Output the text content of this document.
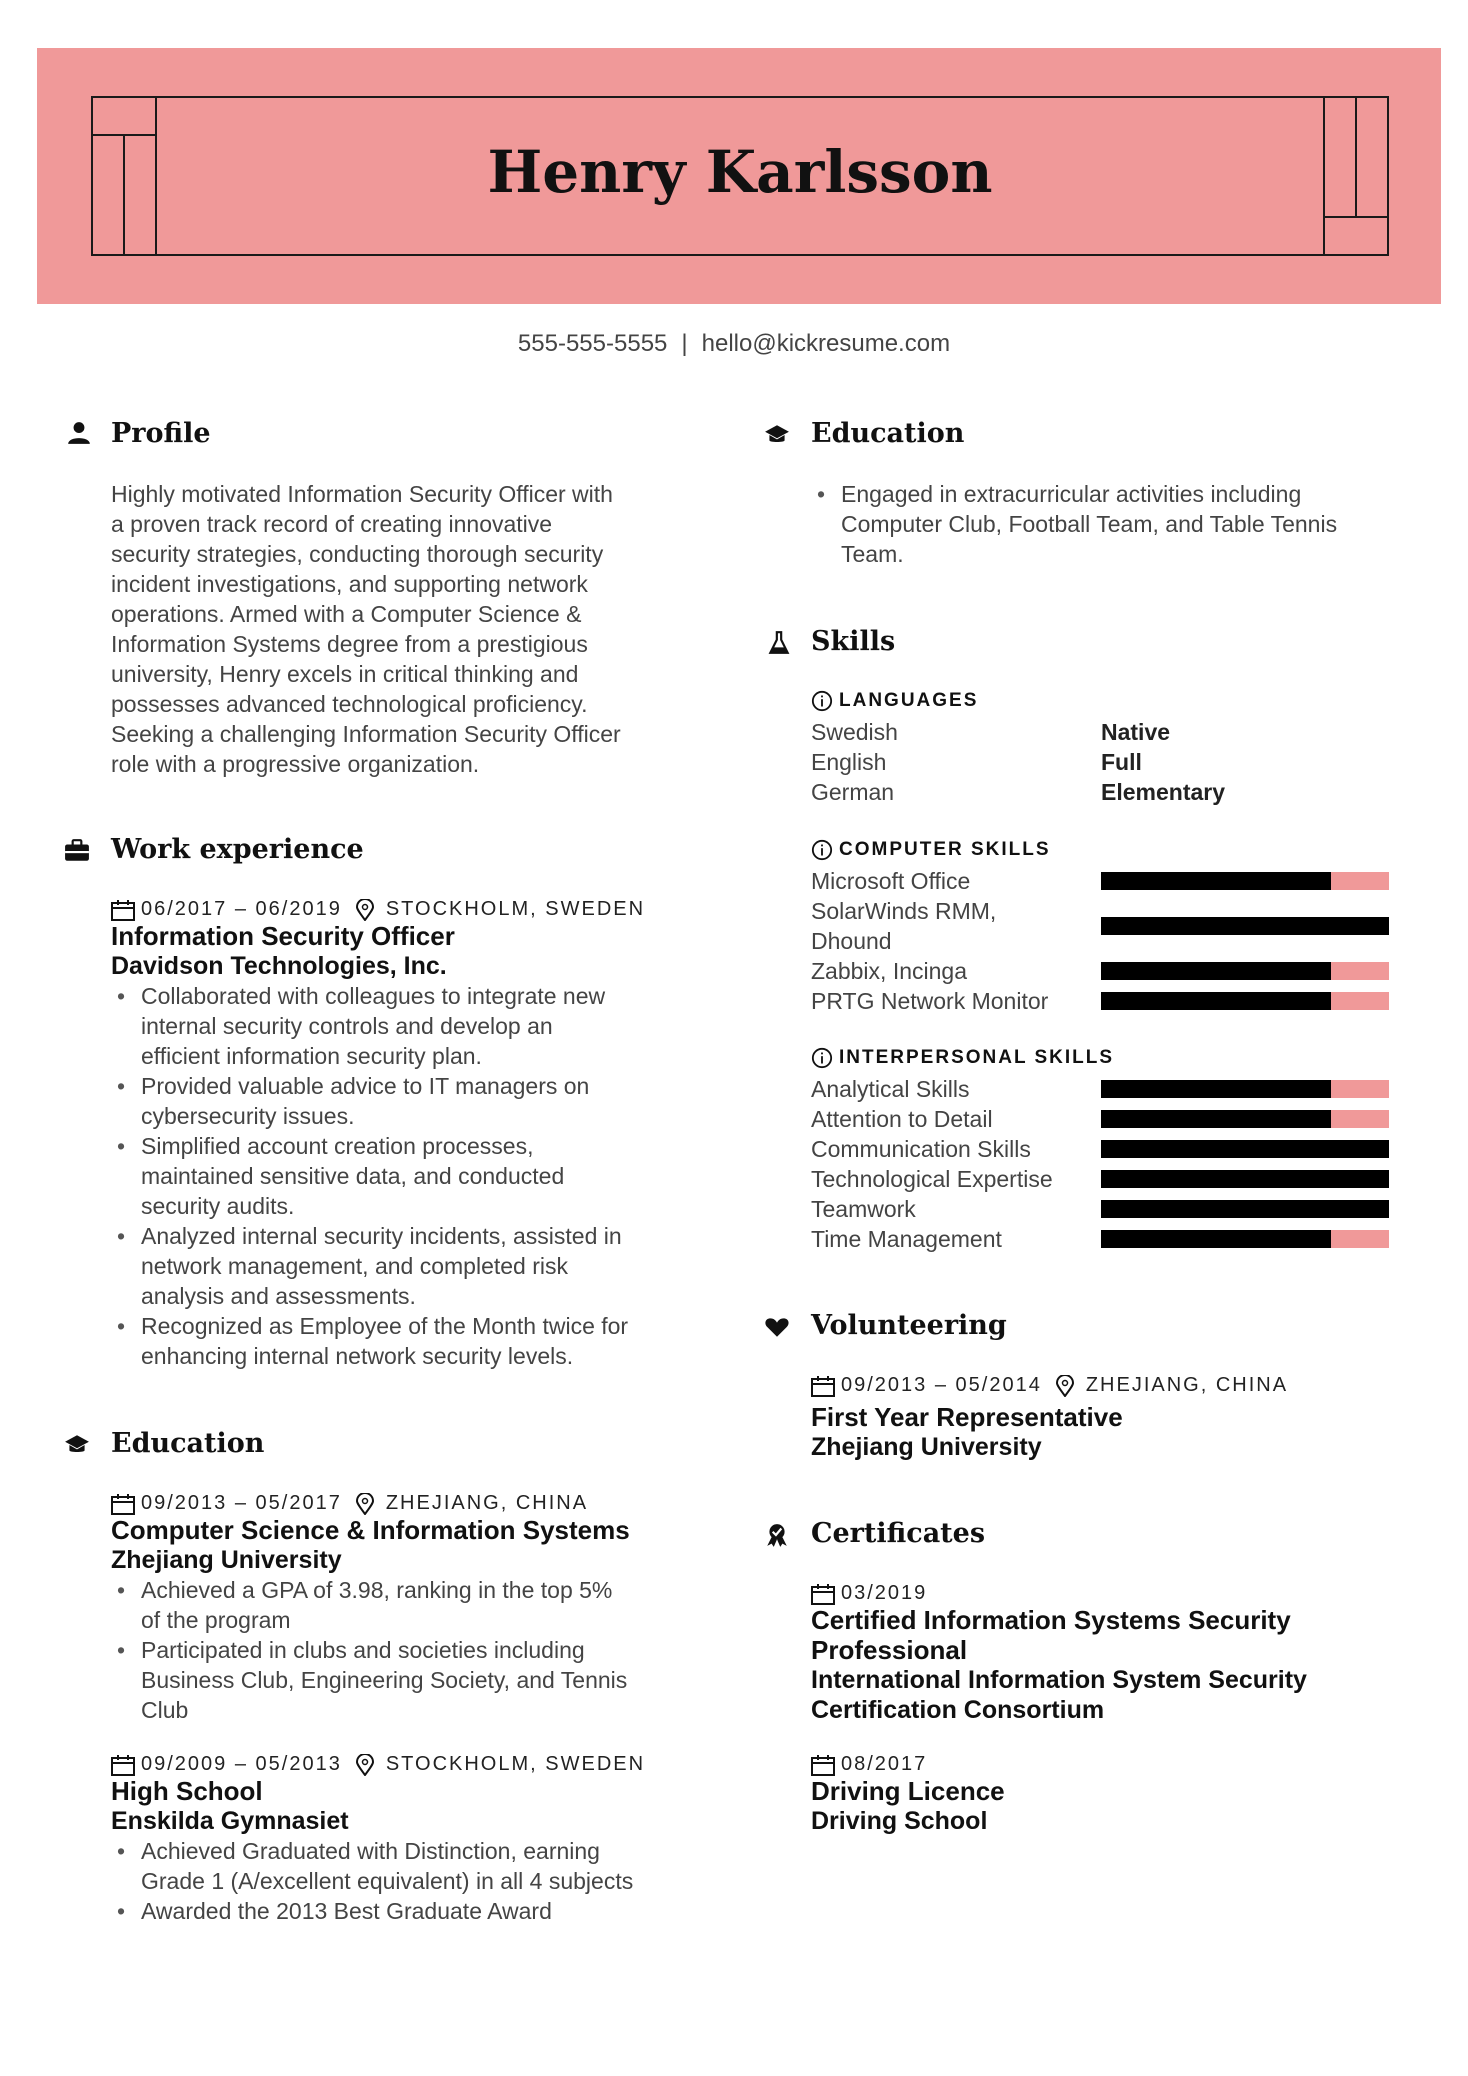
Henry Karlsson
555-555-5555 | hello@kickresume.com
Profile
Highly motivated Information Security Officer with
a proven track record of creating innovative
security strategies, conducting thorough security
incident investigations, and supporting network
operations. Armed with a Computer Science &
Information Systems degree from a prestigious
university, Henry excels in critical thinking and
possesses advanced technological proficiency.
Seeking a challenging Information Security Officer
role with a progressive organization.
Work experience
06/2017 – 06/2019 STOCKHOLM, SWEDEN
Information Security Officer
Davidson Technologies, Inc.
• Collaborated with colleagues to integrate new
internal security controls and develop an
efficient information security plan.
• Provided valuable advice to IT managers on
cybersecurity issues.
• Simplified account creation processes,
maintained sensitive data, and conducted
security audits.
• Analyzed internal security incidents, assisted in
network management, and completed risk
analysis and assessments.
• Recognized as Employee of the Month twice for
enhancing internal network security levels.
Education
09/2013 – 05/2017 ZHEJIANG, CHINA
Computer Science & Information Systems
Zhejiang University
• Achieved a GPA of 3.98, ranking in the top 5%
of the program
• Participated in clubs and societies including
Business Club, Engineering Society, and Tennis
Club
09/2009 – 05/2013 STOCKHOLM, SWEDEN
High School
Enskilda Gymnasiet
• Achieved Graduated with Distinction, earning
Grade 1 (A/excellent equivalent) in all 4 subjects
• Awarded the 2013 Best Graduate Award
Education
• Engaged in extracurricular activities including
Computer Club, Football Team, and Table Tennis
Team.
Skills
LANGUAGES
Swedish	Native
English	Full
German	Elementary
COMPUTER SKILLS
Microsoft Office
SolarWinds RMM,
Dhound
Zabbix, Incinga
PRTG Network Monitor
INTERPERSONAL SKILLS
Analytical Skills
Attention to Detail
Communication Skills
Technological Expertise
Teamwork
Time Management
Volunteering
09/2013 – 05/2014 ZHEJIANG, CHINA
First Year Representative
Zhejiang University
Certificates
03/2019
Certified Information Systems Security
Professional
International Information System Security
Certification Consortium
08/2017
Driving Licence
Driving School
